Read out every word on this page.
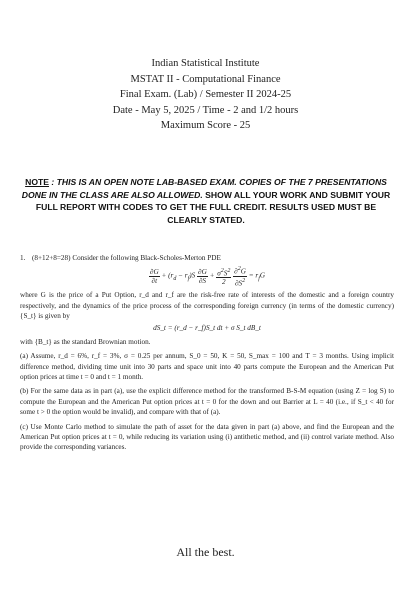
Indian Statistical Institute
MSTAT II - Computational Finance
Final Exam. (Lab) / Semester II 2024-25
Date - May 5, 2025 / Time - 2 and 1/2 hours
Maximum Score - 25
NOTE : THIS IS AN OPEN NOTE LAB-BASED EXAM. COPIES OF THE 7 PRESENTATIONS DONE IN THE CLASS ARE ALSO ALLOWED. SHOW ALL YOUR WORK AND SUBMIT YOUR FULL REPORT WITH CODES TO GET THE FULL CREDIT. RESULTS USED MUST BE CLEARLY STATED.
1. (8+12+8=28) Consider the following Black-Scholes-Merton PDE
$\frac{\partial G}{\partial t} + (r_d - r_f)S \frac{\partial G}{\partial S} + \frac{\sigma^2S^2}{2}$
$\frac{\partial^2G}{\partial S^2} = r_fG$

where G is the price of a Put Option, r_d and r_f are the risk-free rate of interests of the domestic and a foreign country respectively, and the dynamics of the price process of the corresponding foreign currency (in terms of the domestic currency) {S_t} is given by

dS_t = (r_d − r_f)S_t dt + σ S_t dB_t

with {B_t} as the standard Brownian motion.

(a) Assume, r_d = 6%, r_f = 3%, σ = 0.25 per annum, S_0 = 50, K = 50, S_max = 100 and T = 3 months. Using implicit difference method, dividing time unit into 30 parts and space unit into 40 parts compute the European and the American Put option prices at time t = 0 and t = 1 month.

(b) For the same data as in part (a), use the explicit difference method for the transformed B-S-M equation (using Z = log S) to compute the European and the American Put option prices at t = 0 for the down and out Barrier at L = 40 (i.e., if S_t < 40 for some t > 0 the option would be invalid), and compare with that of (a).

(c) Use Monte Carlo method to simulate the path of asset for the data given in part (a) above, and find the European and the American Put option prices at t = 0, while reducing its variation using (i) antithetic method, and (ii) control variate method. Also provide the corresponding variances.

All the best.
